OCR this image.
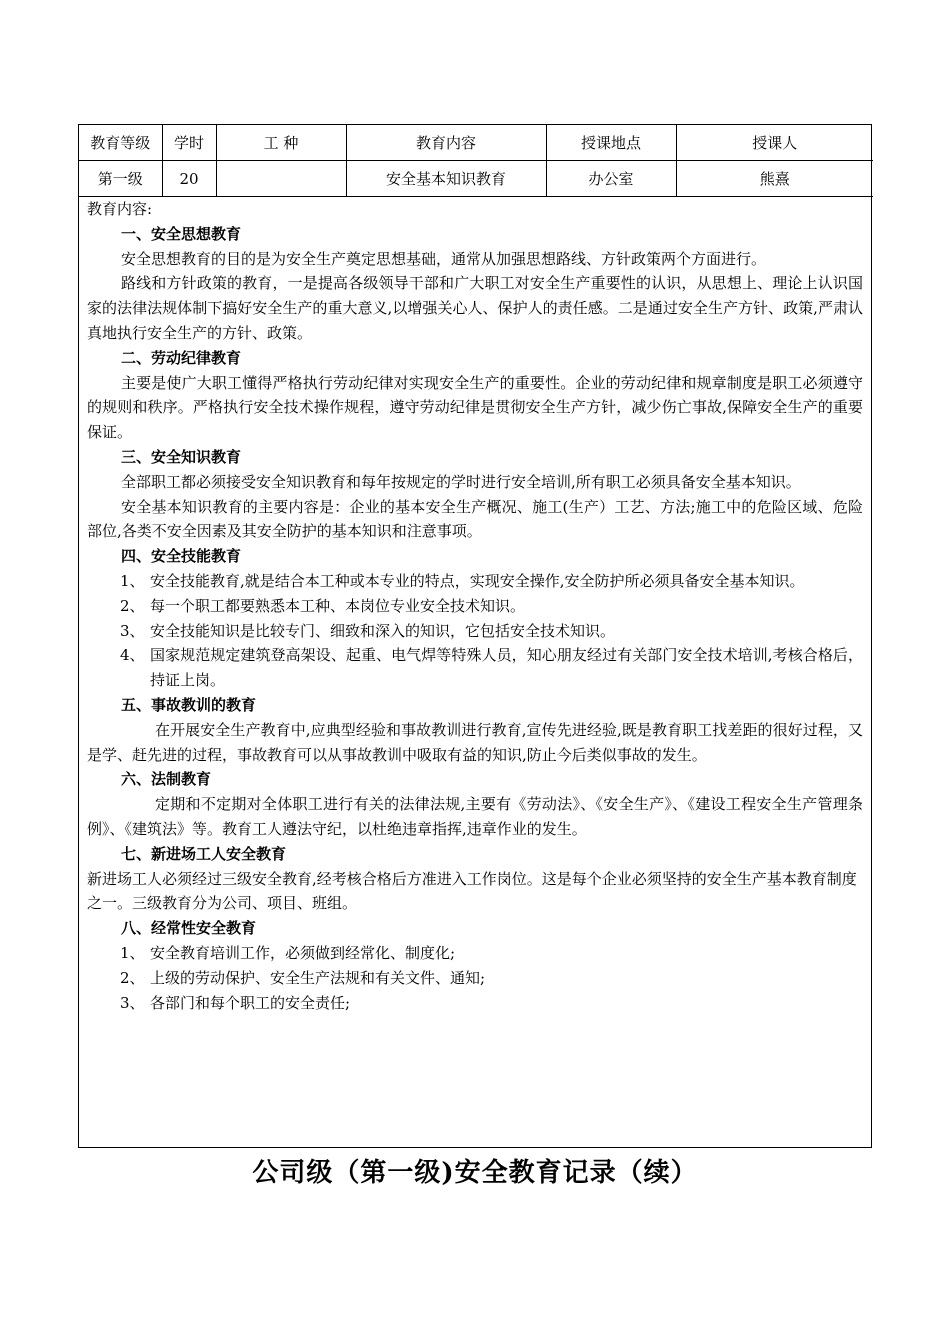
教育等级	学时	工 种	教育内容	授课地点	授课人
第一级	20		安全基本知识教育	办公室	熊熹

教育内容:

一、安全思想教育

安全思想教育的目的是为安全生产奠定思想基础，通常从加强思想路线、方针政策两个方面进行。

路线和方针政策的教育，一是提高各级领导干部和广大职工对安全生产重要性的认识，从思想上、理论上认识国家的法律法规体制下搞好安全生产的重大意义,以增强关心人、保护人的责任感。二是通过安全生产方针、政策,严肃认真地执行安全生产的方针、政策。

二、劳动纪律教育

主要是使广大职工懂得严格执行劳动纪律对实现安全生产的重要性。企业的劳动纪律和规章制度是职工必须遵守的规则和秩序。严格执行安全技术操作规程，遵守劳动纪律是贯彻安全生产方针，减少伤亡事故,保障安全生产的重要保证。

三、安全知识教育

全部职工都必须接受安全知识教育和每年按规定的学时进行安全培训,所有职工必须具备安全基本知识。

安全基本知识教育的主要内容是：企业的基本安全生产概况、施工(生产）工艺、方法;施工中的危险区域、危险部位,各类不安全因素及其安全防护的基本知识和注意事项。

四、安全技能教育

1、 安全技能教育,就是结合本工种或本专业的特点，实现安全操作,安全防护所必须具备安全基本知识。
2、 每一个职工都要熟悉本工种、本岗位专业安全技术知识。
3、 安全技能知识是比较专门、细致和深入的知识，它包括安全技术知识。
4、 国家规范规定建筑登高架设、起重、电气焊等特殊人员，知心朋友经过有关部门安全技术培训,考核合格后，持证上岗。

五、事故教训的教育

在开展安全生产教育中,应典型经验和事故教训进行教育,宣传先进经验,既是教育职工找差距的很好过程，又是学、赶先进的过程，事故教育可以从事故教训中吸取有益的知识,防止今后类似事故的发生。

六、法制教育

定期和不定期对全体职工进行有关的法律法规,主要有《劳动法》、《安全生产》、《建设工程安全生产管理条例》、《建筑法》等。教育工人遵法守纪，以杜绝违章指挥,违章作业的发生。

七、新进场工人安全教育

新进场工人必须经过三级安全教育,经考核合格后方准进入工作岗位。这是每个企业必须坚持的安全生产基本教育制度之一。三级教育分为公司、项目、班组。

八、经常性安全教育

1、 安全教育培训工作，必须做到经常化、制度化;
2、 上级的劳动保护、安全生产法规和有关文件、通知;
3、 各部门和每个职工的安全责任;
公司级（第一级)安全教育记录（续）
